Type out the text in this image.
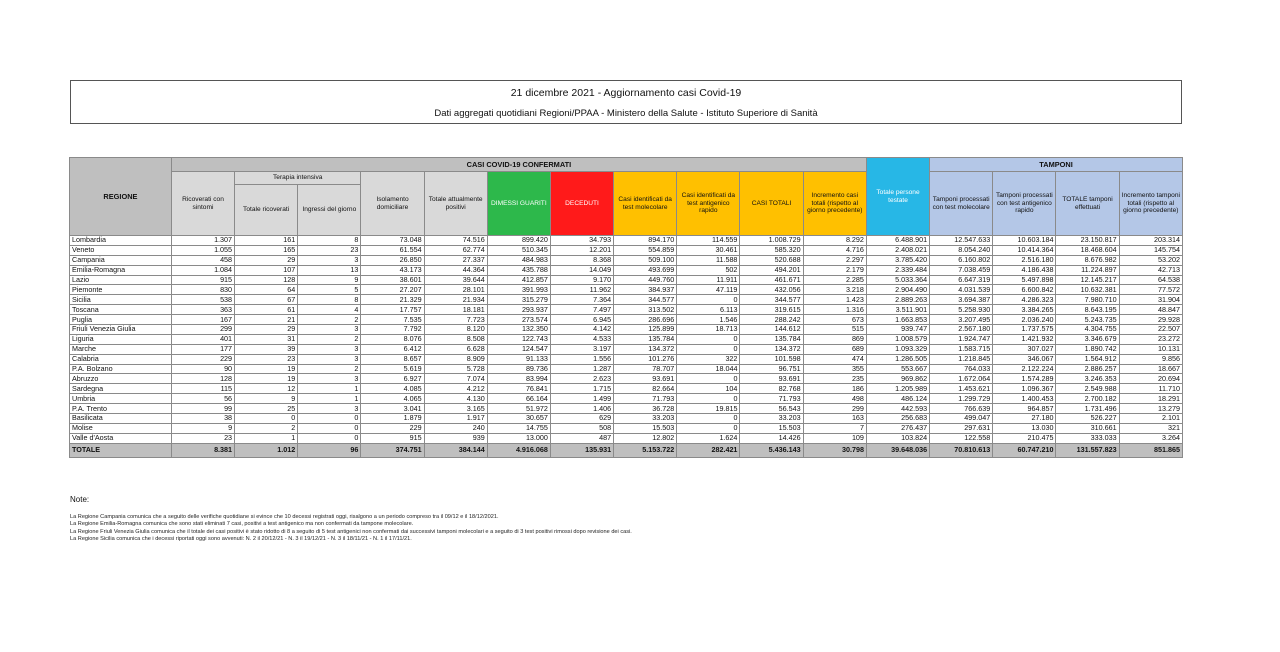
21 dicembre 2021 - Aggiornamento casi Covid-19
Dati aggregati quotidiani Regioni/PPAA - Ministero della Salute - Istituto Superiore di Sanità
REGIONE	CASI COVID-19 CONFERMATI											Totale persone testate	TAMPONI			
	Ricoverati con sintomi	Terapia intensiva		Isolamento domiciliare	Totale attualmente positivi	DIMESSI GUARITI	DECEDUTI	Casi identificati da test molecolare	Casi identificati da test antigenico rapido	CASI TOTALI	Incremento casi totali (rispetto al giorno precedente)		Tamponi processati con test molecolare	Tamponi processati con test antigenico rapido	TOTALE tamponi effettuati	Incremento tamponi totali (rispetto al giorno precedente)
		Totale ricoverati	Ingressi del giorno													
Lombardia	1.307	161	8	73.048	74.516	899.420	34.793	894.170	114.559	1.008.729	8.292	6.488.901	12.547.633	10.603.184	23.150.817	203.314
Veneto	1.055	165	23	61.554	62.774	510.345	12.201	554.859	30.461	585.320	4.716	2.408.021	8.054.240	10.414.364	18.468.604	145.754
Campania	458	29	3	26.850	27.337	484.983	8.368	509.100	11.588	520.688	2.297	3.785.420	6.160.802	2.516.180	8.676.982	53.202
Emilia-Romagna	1.084	107	13	43.173	44.364	435.788	14.049	493.699	502	494.201	2.179	2.339.484	7.038.459	4.186.438	11.224.897	42.713
Lazio	915	128	9	38.601	39.644	412.857	9.170	449.760	11.911	461.671	2.285	5.033.364	6.647.319	5.497.898	12.145.217	64.538
Piemonte	830	64	5	27.207	28.101	391.993	11.962	384.937	47.119	432.056	3.218	2.904.490	4.031.539	6.600.842	10.632.381	77.572
Sicilia	538	67	8	21.329	21.934	315.279	7.364	344.577	0	344.577	1.423	2.889.263	3.694.387	4.286.323	7.980.710	31.904
Toscana	363	61	4	17.757	18.181	293.937	7.497	313.502	6.113	319.615	1.316	3.511.901	5.258.930	3.384.265	8.643.195	48.847
Puglia	167	21	2	7.535	7.723	273.574	6.945	286.696	1.546	288.242	673	1.663.853	3.207.495	2.036.240	5.243.735	29.928
Friuli Venezia Giulia	299	29	3	7.792	8.120	132.350	4.142	125.899	18.713	144.612	515	939.747	2.567.180	1.737.575	4.304.755	22.507
Liguria	401	31	2	8.076	8.508	122.743	4.533	135.784	0	135.784	869	1.008.579	1.924.747	1.421.932	3.346.679	23.272
Marche	177	39	3	6.412	6.628	124.547	3.197	134.372	0	134.372	689	1.093.329	1.583.715	307.027	1.890.742	10.131
Calabria	229	23	3	8.657	8.909	91.133	1.556	101.276	322	101.598	474	1.286.505	1.218.845	346.067	1.564.912	9.856
P.A. Bolzano	90	19	2	5.619	5.728	89.736	1.287	78.707	18.044	96.751	355	553.667	764.033	2.122.224	2.886.257	18.667
Abruzzo	128	19	3	6.927	7.074	83.994	2.623	93.691	0	93.691	235	969.862	1.672.064	1.574.289	3.246.353	20.694
Sardegna	115	12	1	4.085	4.212	76.841	1.715	82.664	104	82.768	186	1.205.989	1.453.621	1.096.367	2.549.988	11.710
Umbria	56	9	1	4.065	4.130	66.164	1.499	71.793	0	71.793	498	486.124	1.299.729	1.400.453	2.700.182	18.291
P.A. Trento	99	25	3	3.041	3.165	51.972	1.406	36.728	19.815	56.543	299	442.593	766.639	964.857	1.731.496	13.279
Basilicata	38	0	0	1.879	1.917	30.657	629	33.203	0	33.203	163	256.683	499.047	27.180	526.227	2.101
Molise	9	2	0	229	240	14.755	508	15.503	0	15.503	7	276.437	297.631	13.030	310.661	321
Valle d'Aosta	23	1	0	915	939	13.000	487	12.802	1.624	14.426	109	103.824	122.558	210.475	333.033	3.264
TOTALE	8.381	1.012	96	374.751	384.144	4.916.068	135.931	5.153.722	282.421	5.436.143	30.798	39.648.036	70.810.613	60.747.210	131.557.823	851.865
Note:
La Regione Campania comunica che a seguito delle verifiche quotidiane si evince che 10 decessi registrati oggi, risalgono a un periodo compreso tra il 09/12 e il 18/12/2021.
La Regione Emilia-Romagna comunica che sono stati eliminati 7 casi, positivi a test antigenico ma non confermati da tampone molecolare.
La Regione Friuli Venezia Giulia comunica che il totale dei casi positivi è stato ridotto di 8 a seguito di 5 test antigenici non confermati dai successivi tamponi molecolari e a seguito di 3 test positivi rimossi dopo revisione dei casi.
La Regione Sicilia comunica che i decessi riportati oggi sono avvenuti: N. 2 il 20/12/21 - N. 3 il 19/12/21 - N. 3 il 18/11/21 - N. 1 il 17/11/21.
